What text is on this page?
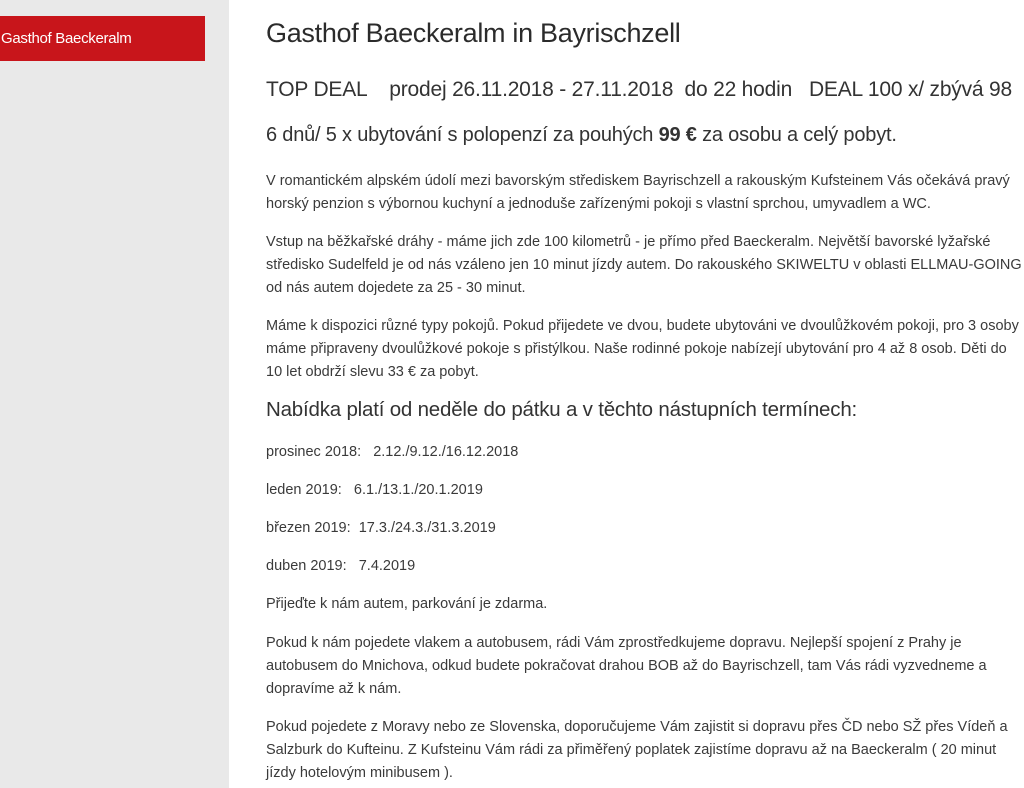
Gasthof Baeckeralm	Gasthof Baeckeralm in Bayrischzell
TOP DEAL    prodej 26.11.2018 - 27.11.2018  do 22 hodin   DEAL 100 x/ zbývá 98
6 dnů/ 5 x ubytování s polopenzí za pouhých 99 € za osobu a celý pobyt.

V romantickém alpském údolí mezi bavorským střediskem Bayrischzell a rakouským Kufsteinem Vás očekává pravý horský penzion s výbornou kuchyní a jednoduše zařízenými pokoji s vlastní sprchou, umyvadlem a WC.

Vstup na běžkařské dráhy - máme jich zde 100 kilometrů - je přímo před Baeckeralm. Největší bavorské lyžařské středisko Sudelfeld je od nás vzáleno jen 10 minut jízdy autem. Do rakouského SKIWELTU v oblasti ELLMAU-GOING od nás autem dojedete za 25 - 30 minut.

Máme k dispozici různé typy pokojů. Pokud přijedete ve dvou, budete ubytováni ve dvoulůžkovém pokoji, pro 3 osoby máme připraveny dvoulůžkové pokoje s přistýlkou. Naše rodinné pokoje nabízejí ubytování pro 4 až 8 osob. Děti do 10 let obdrží slevu 33 € za pobyt.

Nabídka platí od neděle do pátku a v těchto nástupních termínech:
prosinec 2018:   2.12./9.12./16.12.2018
leden 2019:   6.1./13.1./20.1.2019
březen 2019:  17.3./24.3./31.3.2019
duben 2019:   7.4.2019
Přijeďte k nám autem, parkování je zdarma.

Pokud k nám pojedete vlakem a autobusem, rádi Vám zprostředkujeme dopravu. Nejlepší spojení z Prahy je autobusem do Mnichova, odkud budete pokračovat drahou BOB až do Bayrischzell, tam Vás rádi vyzvedneme a dopravíme až k nám.

Pokud pojedete z Moravy nebo ze Slovenska, doporučujeme Vám zajistit si dopravu přes ČD nebo SŽ přes Vídeň a Salzburk do Kufteinu. Z Kufsteinu Vám rádi za přiměřený poplatek zajistíme dopravu až na Baeckeralm ( 20 minut jízdy hotelovým minibusem ).
